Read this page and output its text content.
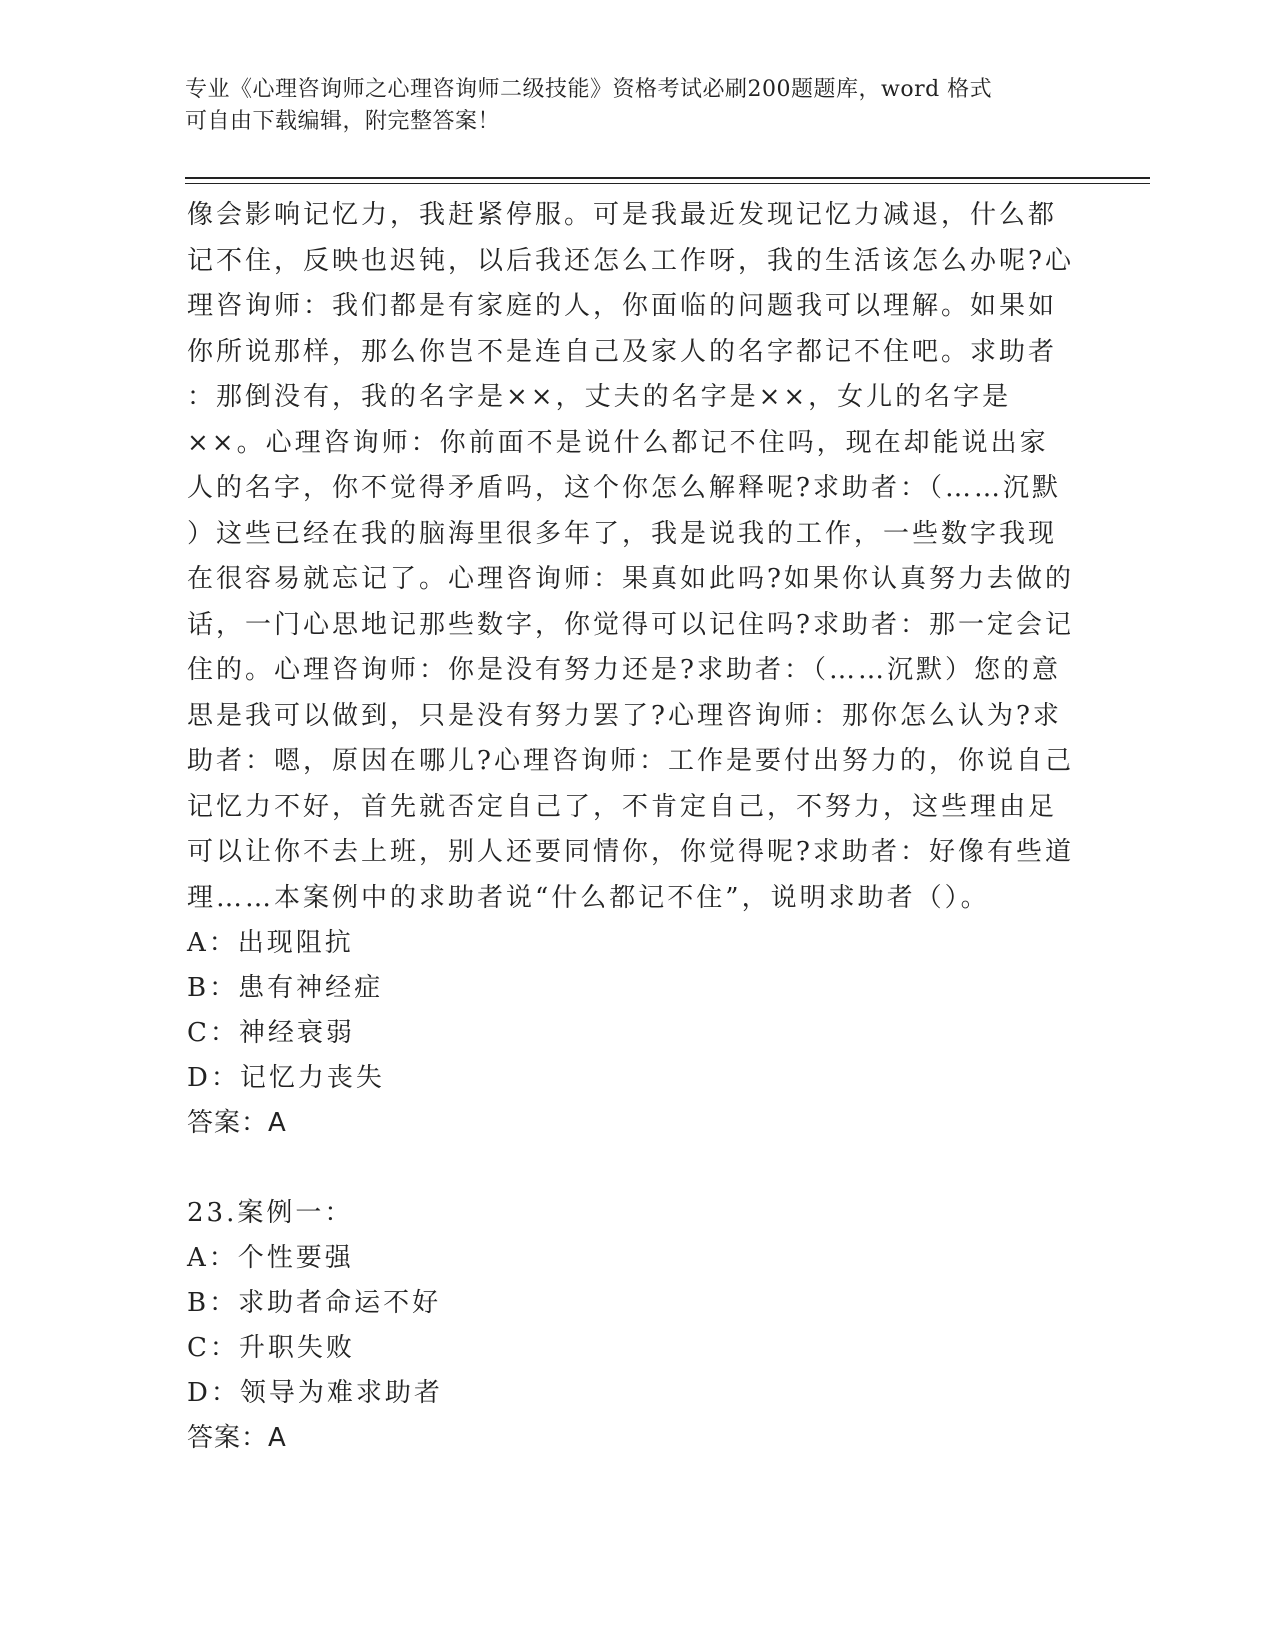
专业《心理咨询师之心理咨询师二级技能》资格考试必刷200题题库，word 格式
可自由下载编辑，附完整答案！
像会影响记忆力，我赶紧停服。可是我最近发现记忆力减退，什么都
记不住，反映也迟钝，以后我还怎么工作呀，我的生活该怎么办呢?心
理咨询师：我们都是有家庭的人，你面临的问题我可以理解。如果如
你所说那样，那么你岂不是连自己及家人的名字都记不住吧。求助者
：那倒没有，我的名字是××，丈夫的名字是××，女儿的名字是
××。心理咨询师：你前面不是说什么都记不住吗，现在却能说出家
人的名字，你不觉得矛盾吗，这个你怎么解释呢?求助者：（……沉默
）这些已经在我的脑海里很多年了，我是说我的工作，一些数字我现
在很容易就忘记了。心理咨询师：果真如此吗?如果你认真努力去做的
话，一门心思地记那些数字，你觉得可以记住吗?求助者：那一定会记
住的。心理咨询师：你是没有努力还是?求助者：（……沉默）您的意
思是我可以做到，只是没有努力罢了?心理咨询师：那你怎么认为?求
助者：嗯，原因在哪儿?心理咨询师：工作是要付出努力的，你说自己
记忆力不好，首先就否定自己了，不肯定自己，不努力，这些理由足
可以让你不去上班，别人还要同情你，你觉得呢?求助者：好像有些道
理……本案例中的求助者说“什么都记不住”，说明求助者（）。
A：出现阻抗
B：患有神经症
C：神经衰弱
D：记忆力丧失
答案：A
23.案例一：
A：个性要强
B：求助者命运不好
C：升职失败
D：领导为难求助者
答案：A
